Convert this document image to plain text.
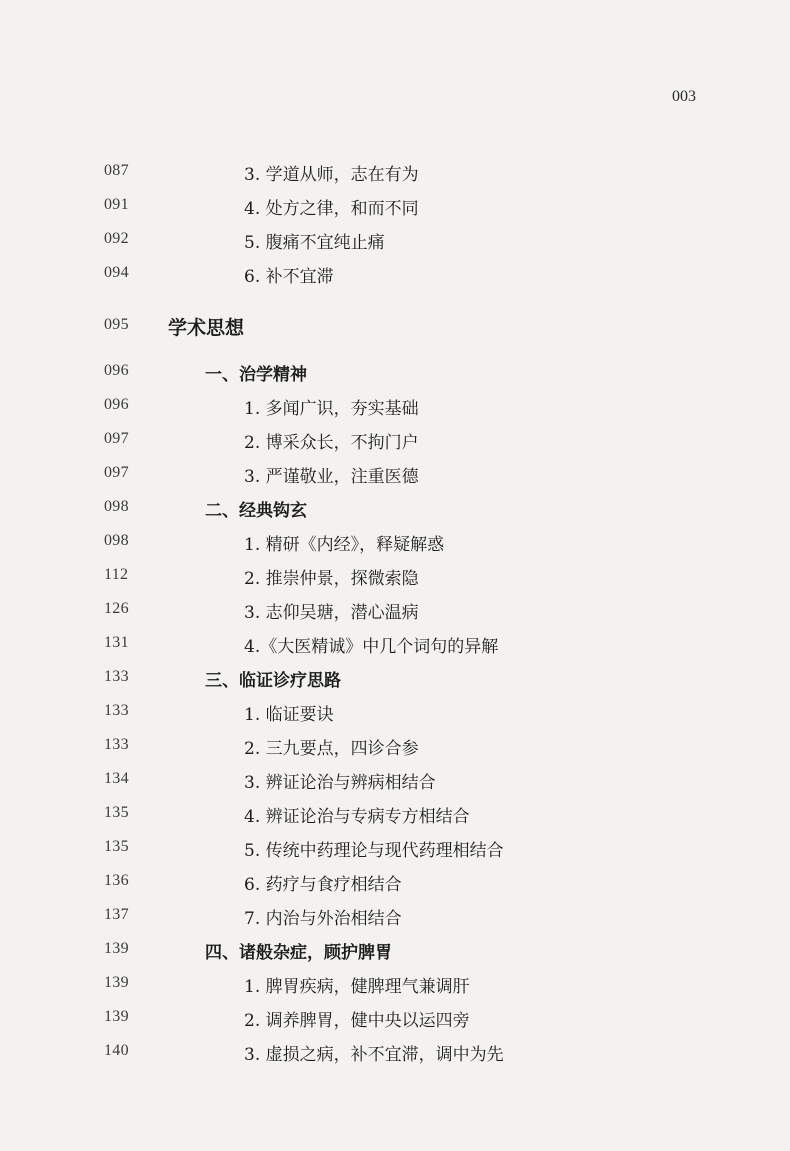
003
087	3. 学道从师，志在有为
091	4. 处方之律，和而不同
092	5. 腹痛不宜纯止痛
094	6. 补不宜滞
095 学术思想
096	一、治学精神
096	1. 多闻广识，夯实基础
097	2. 博采众长，不拘门户
097	3. 严谨敬业，注重医德
098	二、经典钩玄
098	1. 精研《内经》，释疑解惑
112	2. 推崇仲景，探微索隐
126	3. 志仰吴瑭，潜心温病
131	4.《大医精诚》中几个词句的异解
133	三、临证诊疗思路
133	1. 临证要诀
133	2. 三九要点，四诊合参
134	3. 辨证论治与辨病相结合
135	4. 辨证论治与专病专方相结合
135	5. 传统中药理论与现代药理相结合
136	6. 药疗与食疗相结合
137	7. 内治与外治相结合
139	四、诸般杂症，顾护脾胃
139	1. 脾胃疾病，健脾理气兼调肝
139	2. 调养脾胃，健中央以运四旁
140	3. 虚损之病，补不宜滞，调中为先
